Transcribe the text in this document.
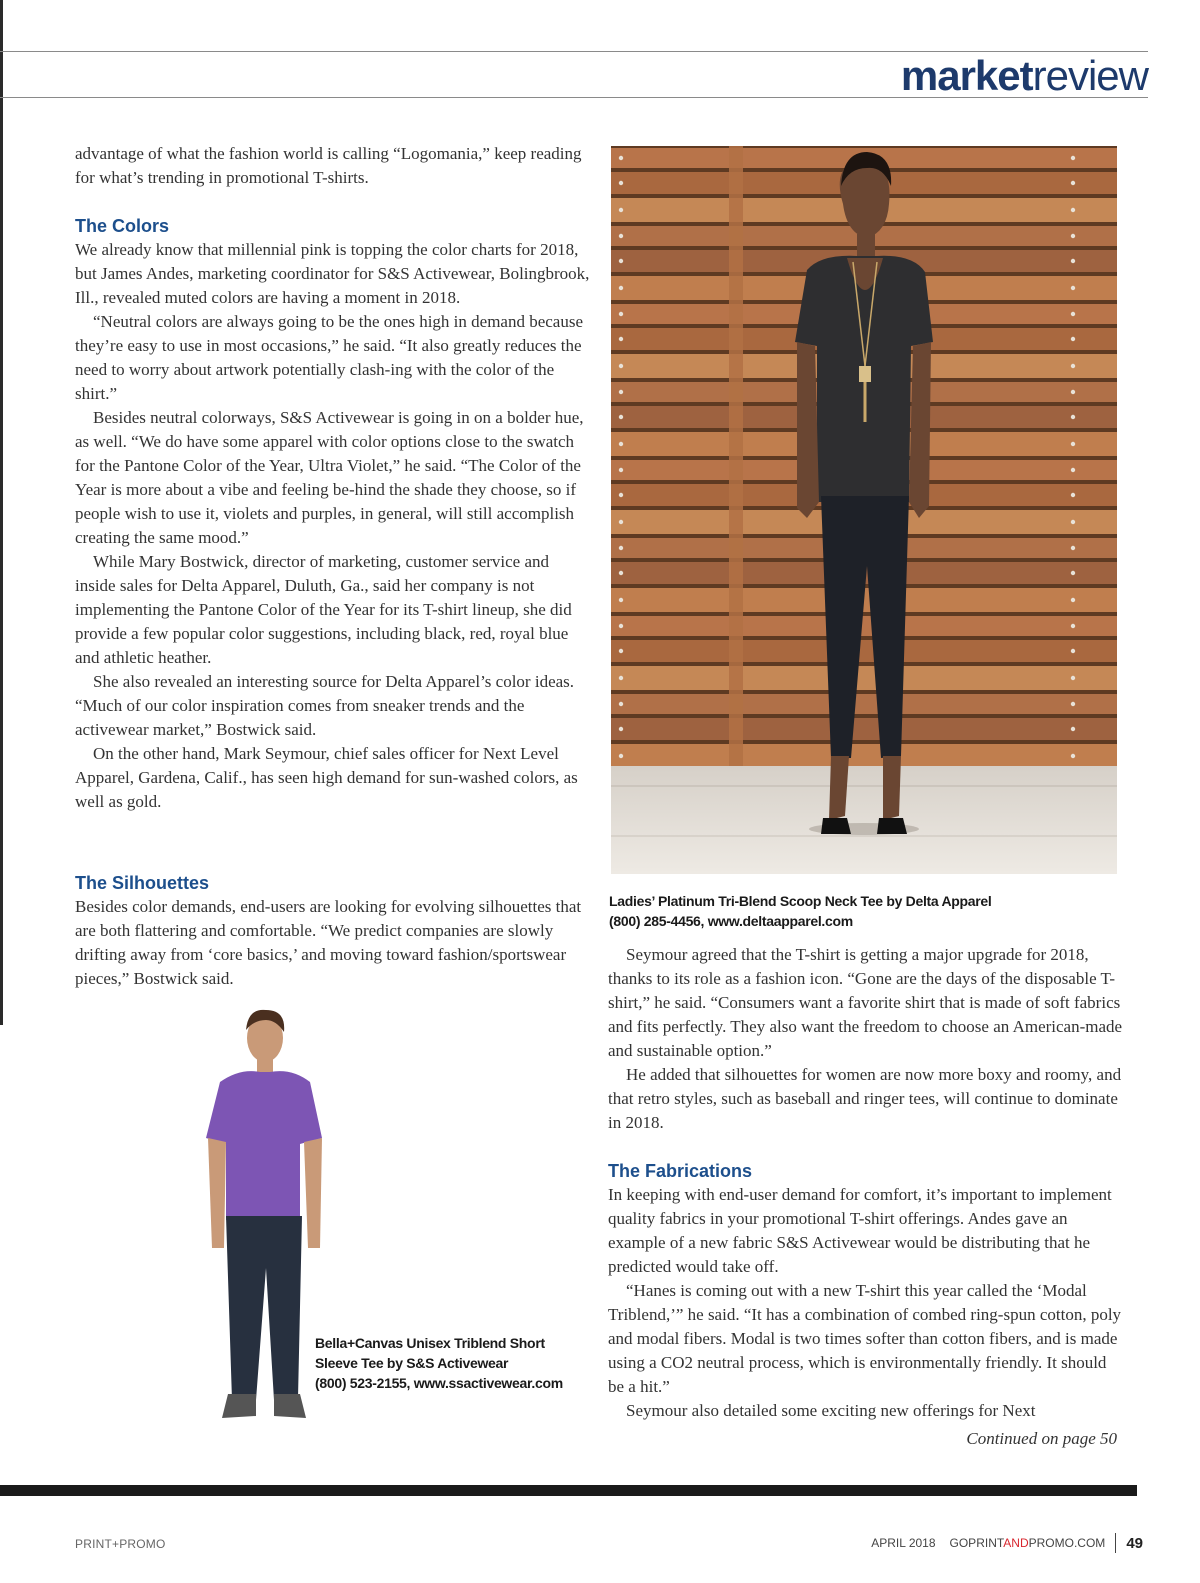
marketreview

advantage of what the fashion world is calling “Logomania,” keep reading for what’s trending in promotional T-shirts.

The Colors

We already know that millennial pink is topping the color charts for 2018, but James Andes, marketing coordinator for S&S Activewear, Bolingbrook, Ill., revealed muted colors are having a moment in 2018.

“Neutral colors are always going to be the ones high in demand because they’re easy to use in most occasions,” he said. “It also greatly reduces the need to worry about artwork potentially clash-ing with the color of the shirt.”

Besides neutral colorways, S&S Activewear is going in on a bolder hue, as well. “We do have some apparel with color options close to the swatch for the Pantone Color of the Year, Ultra Violet,” he said. “The Color of the Year is more about a vibe and feeling be-hind the shade they choose, so if people wish to use it, violets and purples, in general, will still accomplish creating the same mood.”

While Mary Bostwick, director of marketing, customer service and inside sales for Delta Apparel, Duluth, Ga., said her company is not implementing the Pantone Color of the Year for its T-shirt lineup, she did provide a few popular color suggestions, including black, red, royal blue and athletic heather.

She also revealed an interesting source for Delta Apparel’s color ideas. “Much of our color inspiration comes from sneaker trends and the activewear market,” Bostwick said.

On the other hand, Mark Seymour, chief sales officer for Next Level Apparel, Gardena, Calif., has seen high demand for sun-washed colors, as well as gold.

The Silhouettes

Besides color demands, end-users are looking for evolving silhouettes that are both flattering and comfortable. “We predict companies are slowly drifting away from ‘core basics,’ and moving toward fashion/sportswear pieces,” Bostwick said.

Ladies’ Platinum Tri-Blend Scoop Neck Tee by Delta Apparel
(800) 285-4456, www.deltaapparel.com
Bella+Canvas Unisex Triblend Short
Sleeve Tee by S&S Activewear
(800) 523-2155, www.ssactivewear.com

Seymour agreed that the T-shirt is getting a major upgrade for 2018, thanks to its role as a fashion icon. “Gone are the days of the disposable T-shirt,” he said. “Consumers want a favorite shirt that is made of soft fabrics and fits perfectly. They also want the freedom to choose an American-made and sustainable option.”

He added that silhouettes for women are now more boxy and roomy, and that retro styles, such as baseball and ringer tees, will continue to dominate in 2018.

The Fabrications

In keeping with end-user demand for comfort, it’s important to implement quality fabrics in your promotional T-shirt offerings. Andes gave an example of a new fabric S&S Activewear would be distributing that he predicted would take off.

“Hanes is coming out with a new T-shirt this year called the ‘Modal Triblend,’” he said. “It has a combination of combed ring-spun cotton, poly and modal fibers. Modal is two times softer than cotton fibers, and is made using a CO2 neutral process, which is environmentally friendly. It should be a hit.”

Seymour also detailed some exciting new offerings for Next

Continued on page 50
PRINT+PROMO	APRIL 2018 GOPRINTANDPROMO.COM 49
